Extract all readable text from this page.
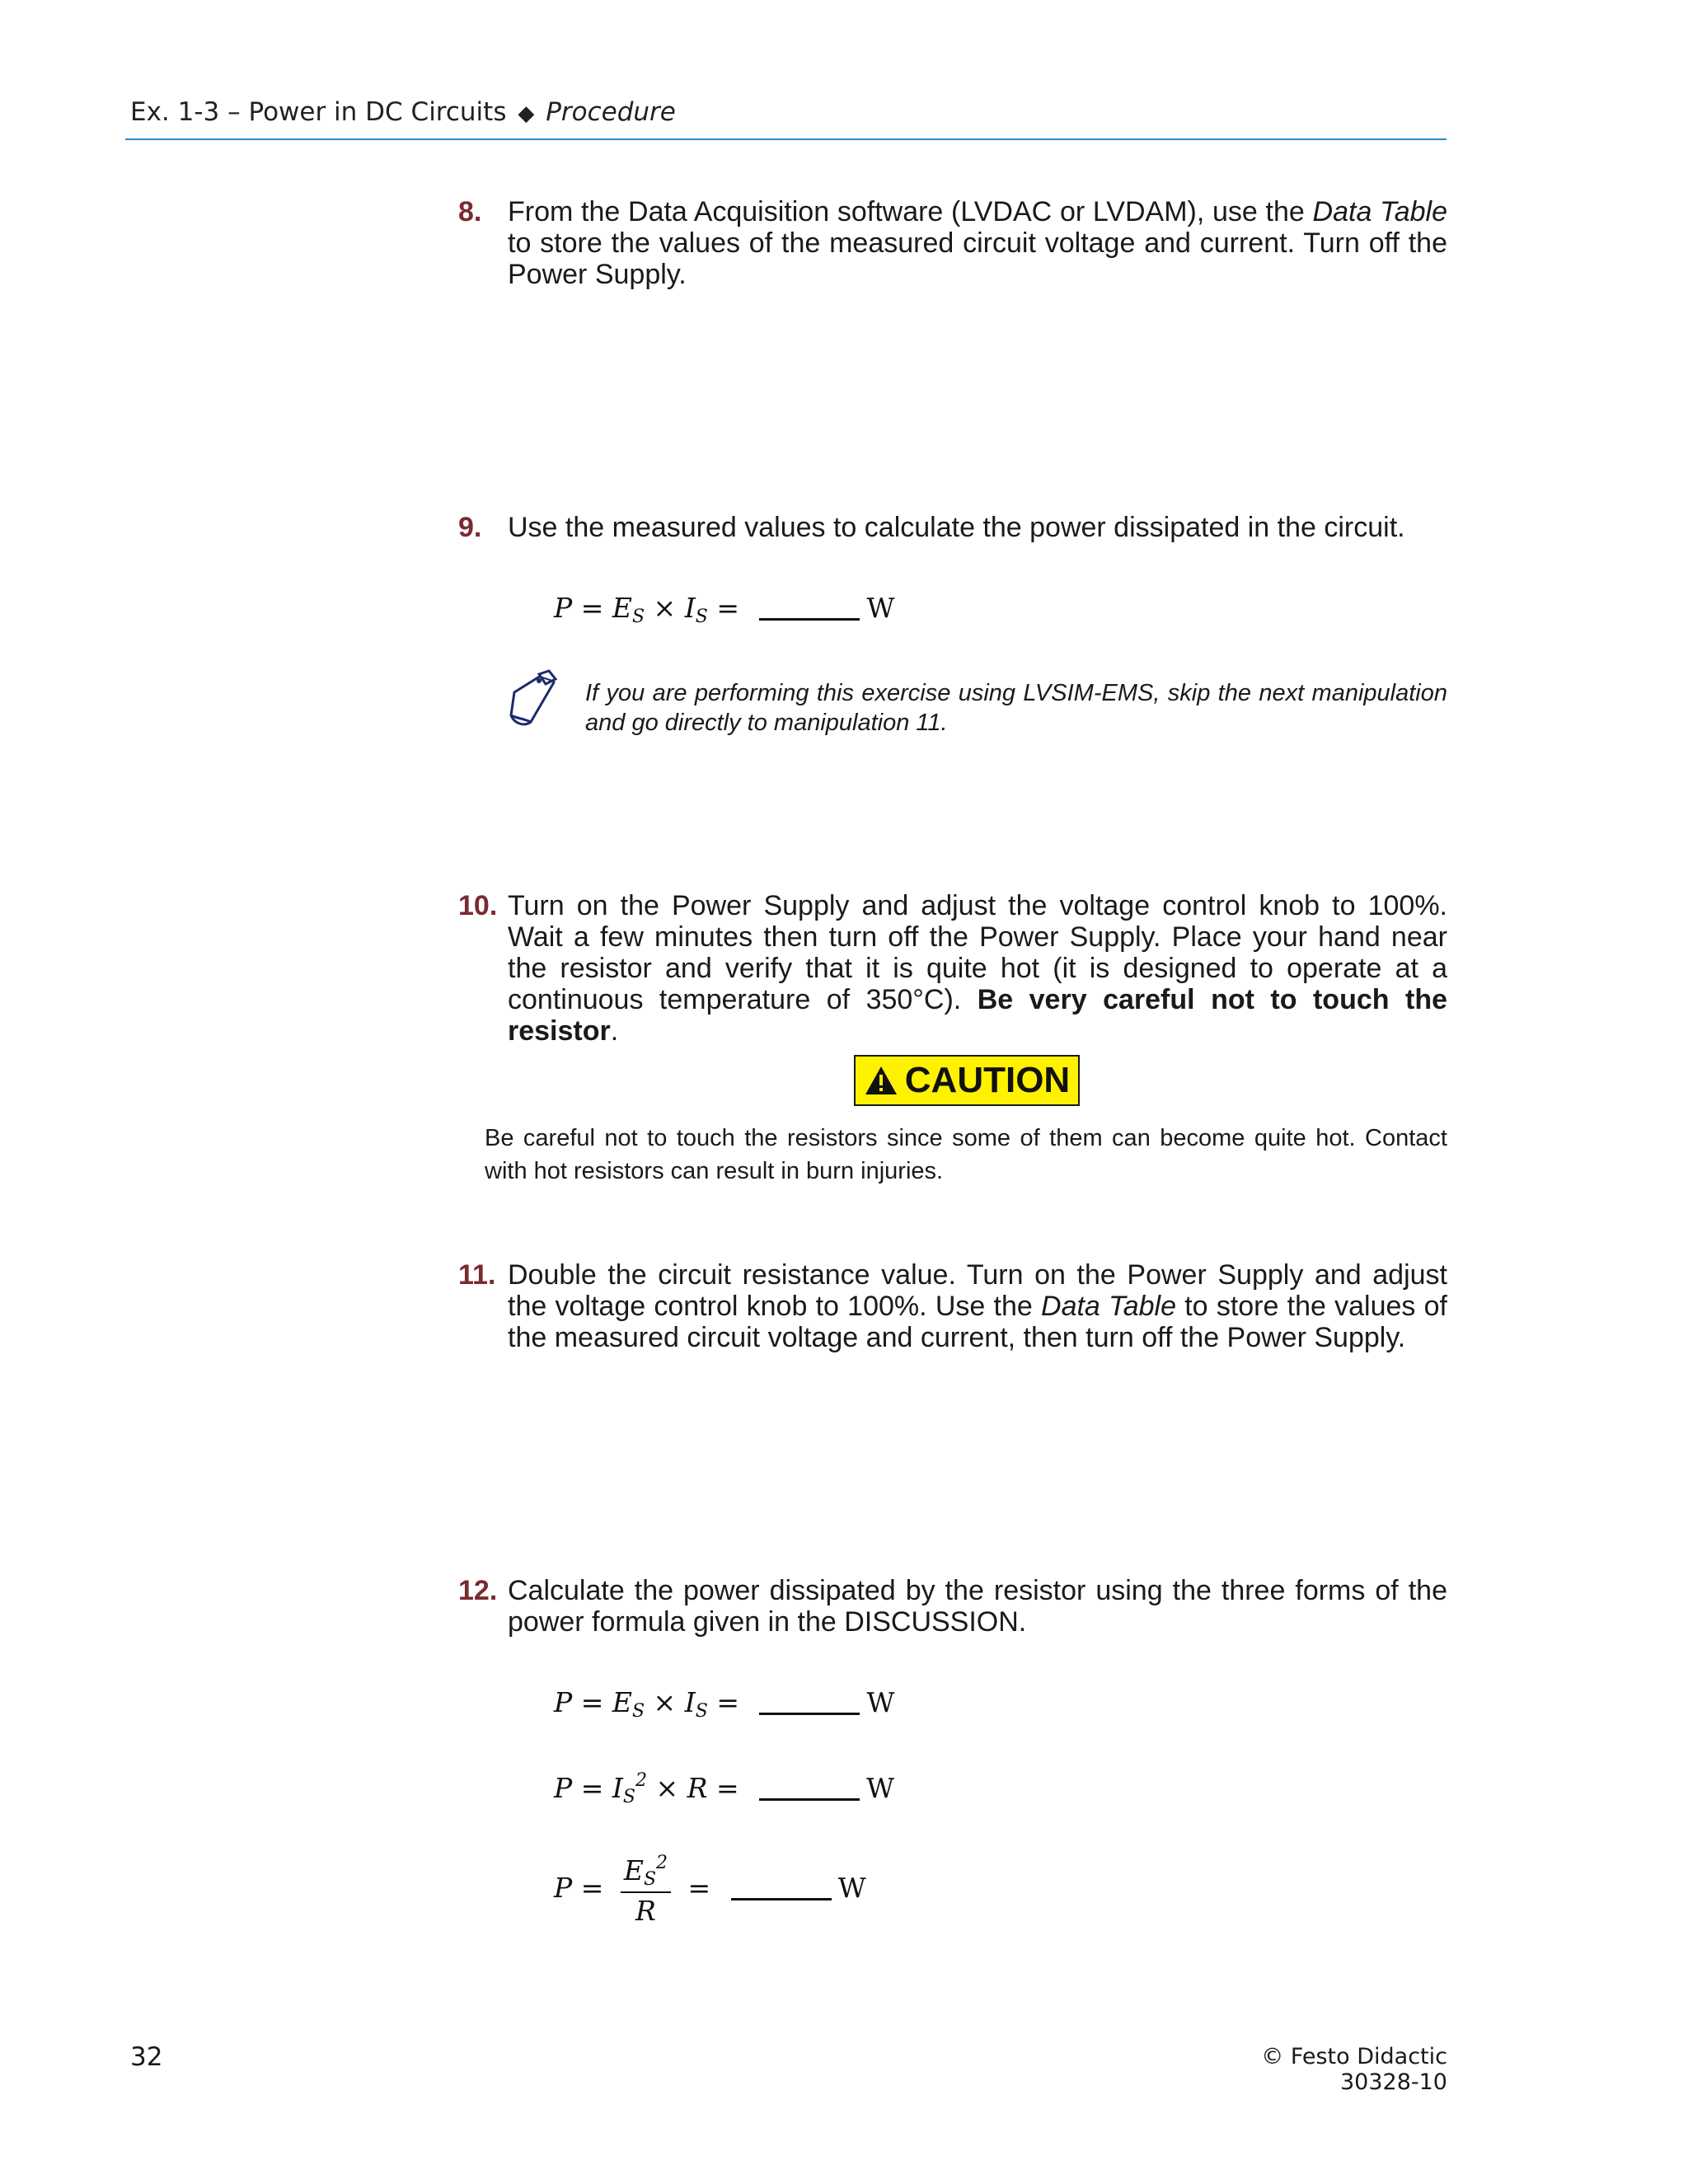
Ex. 1-3 – Power in DC Circuits ◆ Procedure
8. From the Data Acquisition software (LVDAC or LVDAM), use the Data Table to store the values of the measured circuit voltage and current. Turn off the Power Supply.
9. Use the measured values to calculate the power dissipated in the circuit.
$P = E_S \times I_S$ =	W
If you are performing this exercise using LVSIM-EMS, skip the next manipulation and go directly to manipulation 11.
10. Turn on the Power Supply and adjust the voltage control knob to 100%. Wait a few minutes then turn off the Power Supply. Place your hand near the resistor and verify that it is quite hot (it is designed to operate at a continuous temperature of 350°C). Be very careful not to touch the resistor.
CAUTION
Be careful not to touch the resistors since some of them can become quite hot. Contact with hot resistors can result in burn injuries.
11. Double the circuit resistance value. Turn on the Power Supply and adjust the voltage control knob to 100%. Use the Data Table to store the values of the measured circuit voltage and current, then turn off the Power Supply.
12. Calculate the power dissipated by the resistor using the three forms of the power formula given in the DISCUSSION.
$P = E_S \times I_S$ =	W
$P = I_S^2 \times R$ =	W
$P = \frac{E_S^2}{R}$ =	W
32	© Festo Didactic 30328-10
